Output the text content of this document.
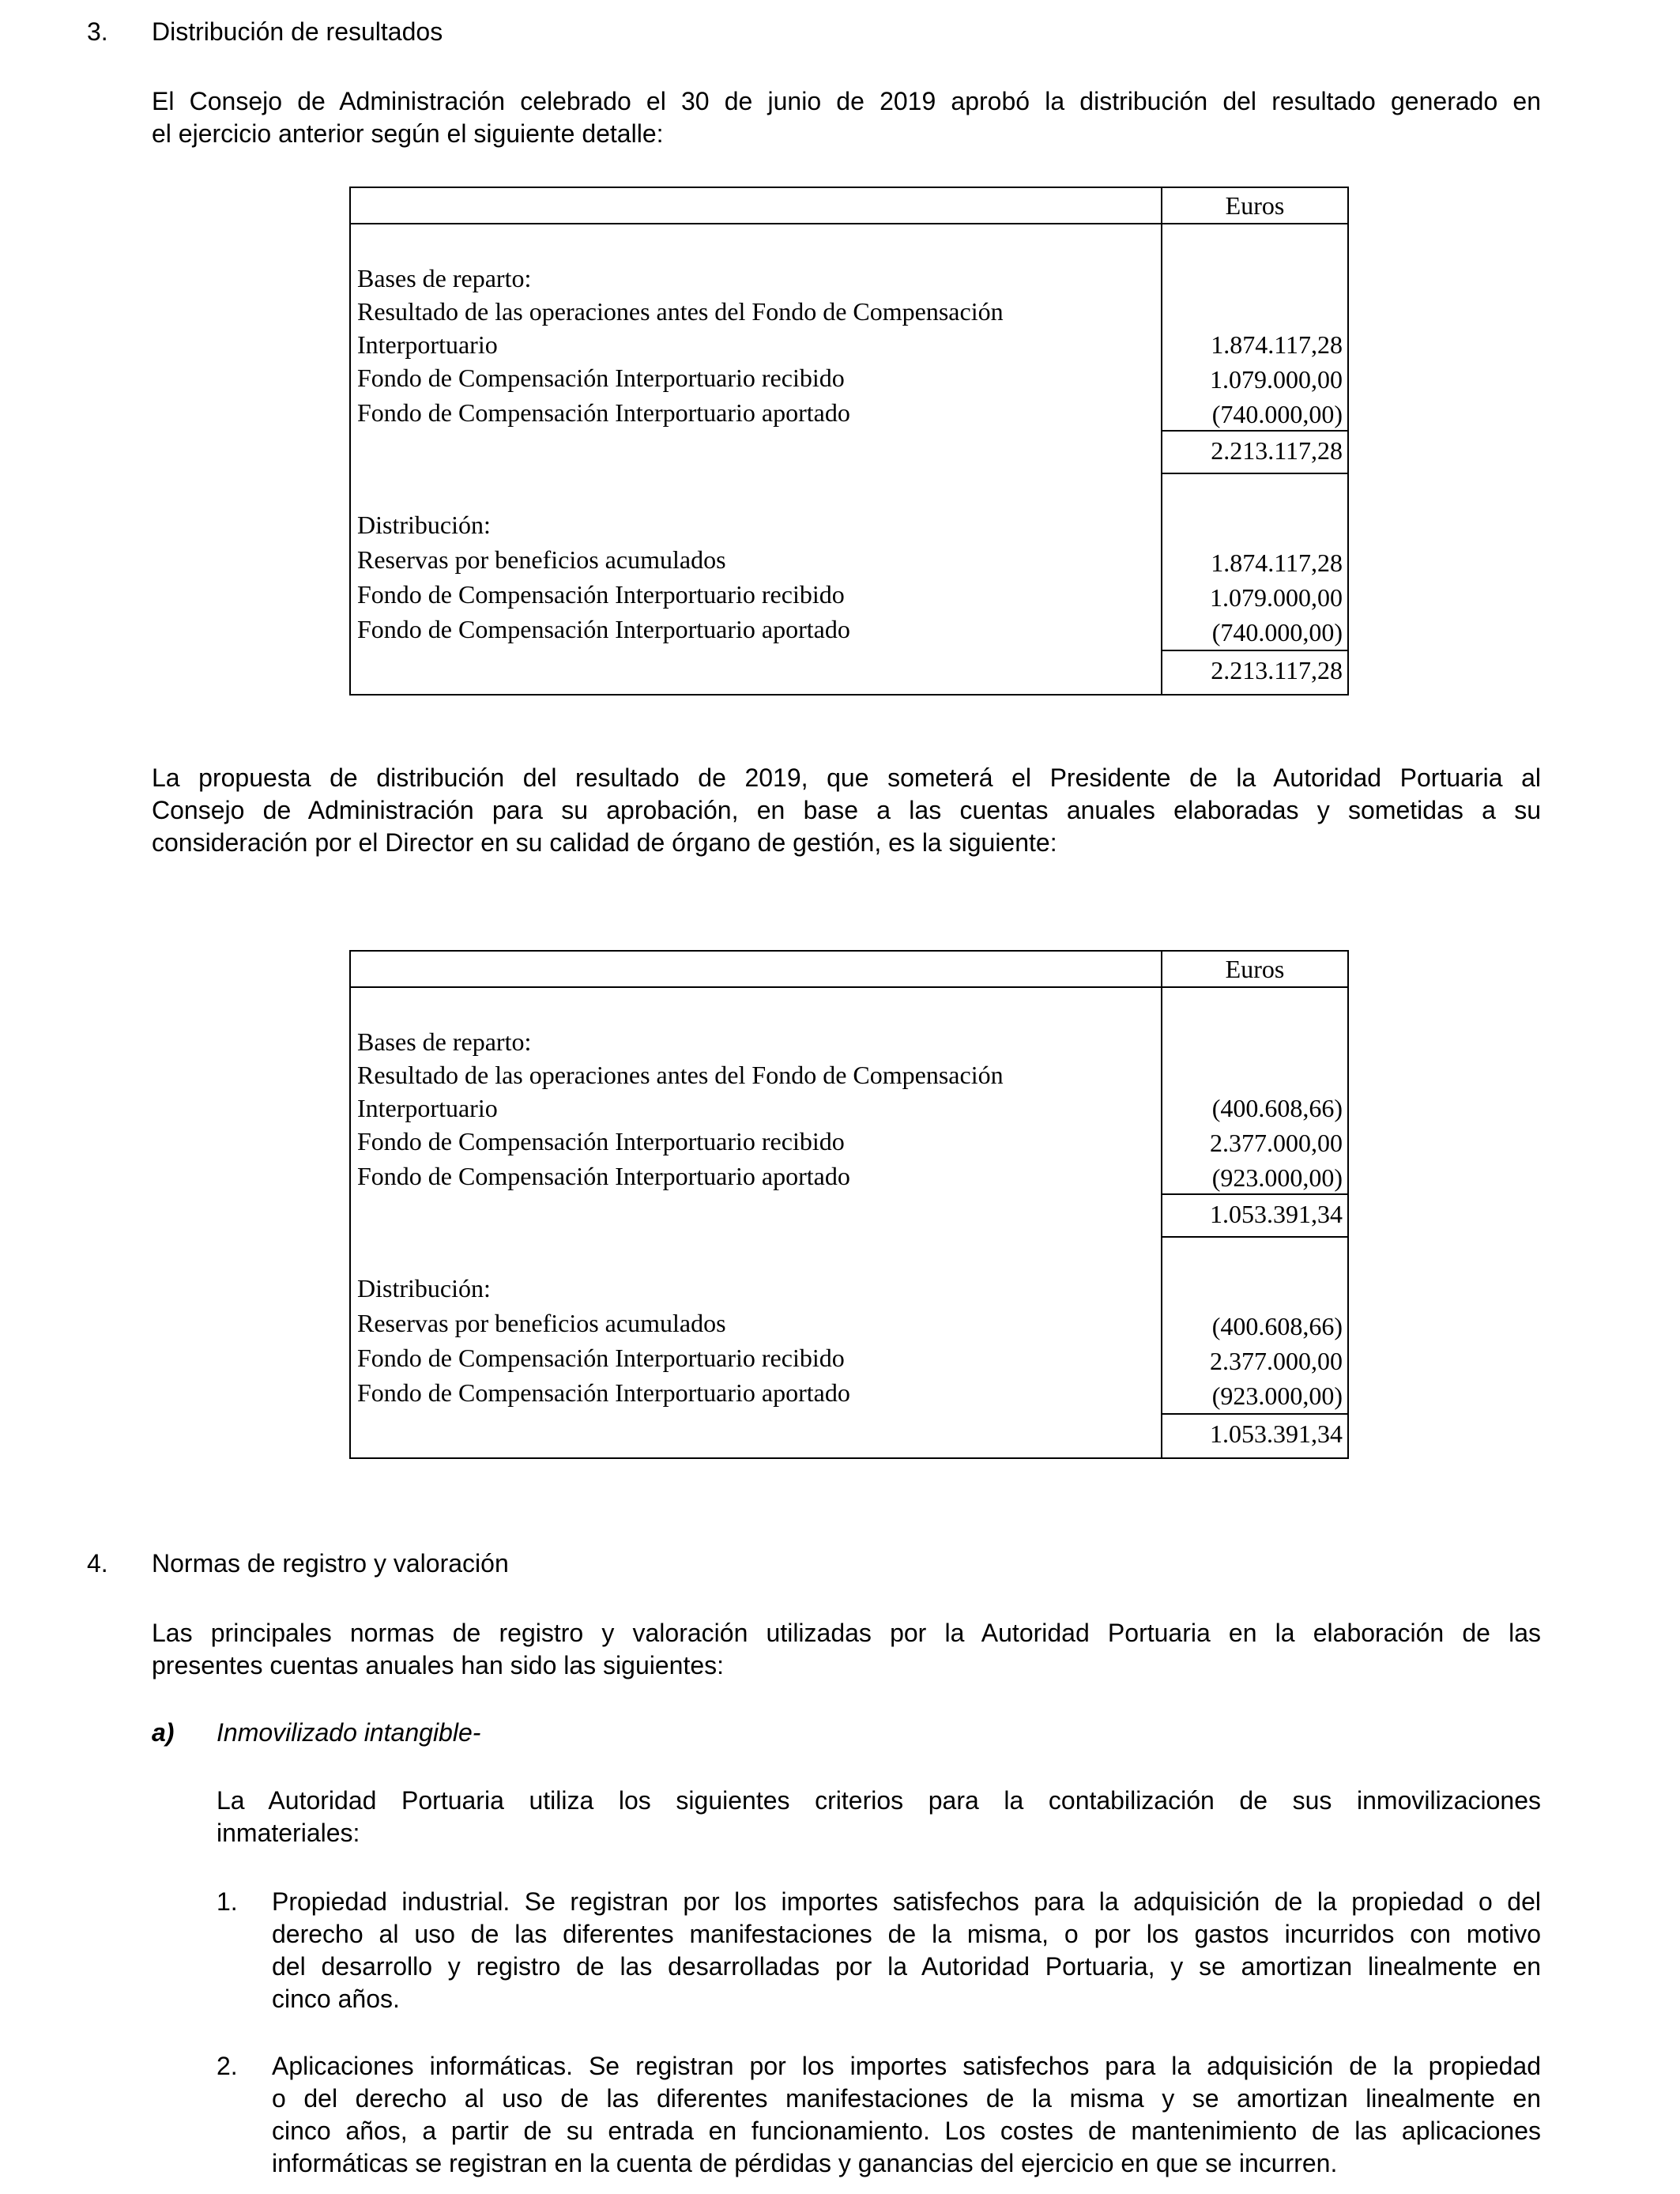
3. Distribución de resultados
El Consejo de Administración celebrado el 30 de junio de 2019 aprobó la distribución del resultado generado en
el ejercicio anterior según el siguiente detalle:
Euros
Bases de reparto:
Resultado de las operaciones antes del Fondo de Compensación
Interportuario	1.874.117,28
Fondo de Compensación Interportuario recibido	1.079.000,00
Fondo de Compensación Interportuario aportado	(740.000,00)
2.213.117,28
Distribución:
Reservas por beneficios acumulados	1.874.117,28
Fondo de Compensación Interportuario recibido	1.079.000,00
Fondo de Compensación Interportuario aportado	(740.000,00)
2.213.117,28
La propuesta de distribución del resultado de 2019, que someterá el Presidente de la Autoridad Portuaria al
Consejo de Administración para su aprobación, en base a las cuentas anuales elaboradas y sometidas a su
consideración por el Director en su calidad de órgano de gestión, es la siguiente:
Euros
Bases de reparto:
Resultado de las operaciones antes del Fondo de Compensación
Interportuario	(400.608,66)
Fondo de Compensación Interportuario recibido	2.377.000,00
Fondo de Compensación Interportuario aportado	(923.000,00)
1.053.391,34
Distribución:
Reservas por beneficios acumulados	(400.608,66)
Fondo de Compensación Interportuario recibido	2.377.000,00
Fondo de Compensación Interportuario aportado	(923.000,00)
1.053.391,34
4. Normas de registro y valoración
Las principales normas de registro y valoración utilizadas por la Autoridad Portuaria en la elaboración de las
presentes cuentas anuales han sido las siguientes:
a) Inmovilizado intangible-
La Autoridad Portuaria utiliza los siguientes criterios para la contabilización de sus inmovilizaciones
inmateriales:
1. Propiedad industrial. Se registran por los importes satisfechos para la adquisición de la propiedad o del
derecho al uso de las diferentes manifestaciones de la misma, o por los gastos incurridos con motivo
del desarrollo y registro de las desarrolladas por la Autoridad Portuaria, y se amortizan linealmente en
cinco años.
2. Aplicaciones informáticas. Se registran por los importes satisfechos para la adquisición de la propiedad
o del derecho al uso de las diferentes manifestaciones de la misma y se amortizan linealmente en
cinco años, a partir de su entrada en funcionamiento. Los costes de mantenimiento de las aplicaciones
informáticas se registran en la cuenta de pérdidas y ganancias del ejercicio en que se incurren.
